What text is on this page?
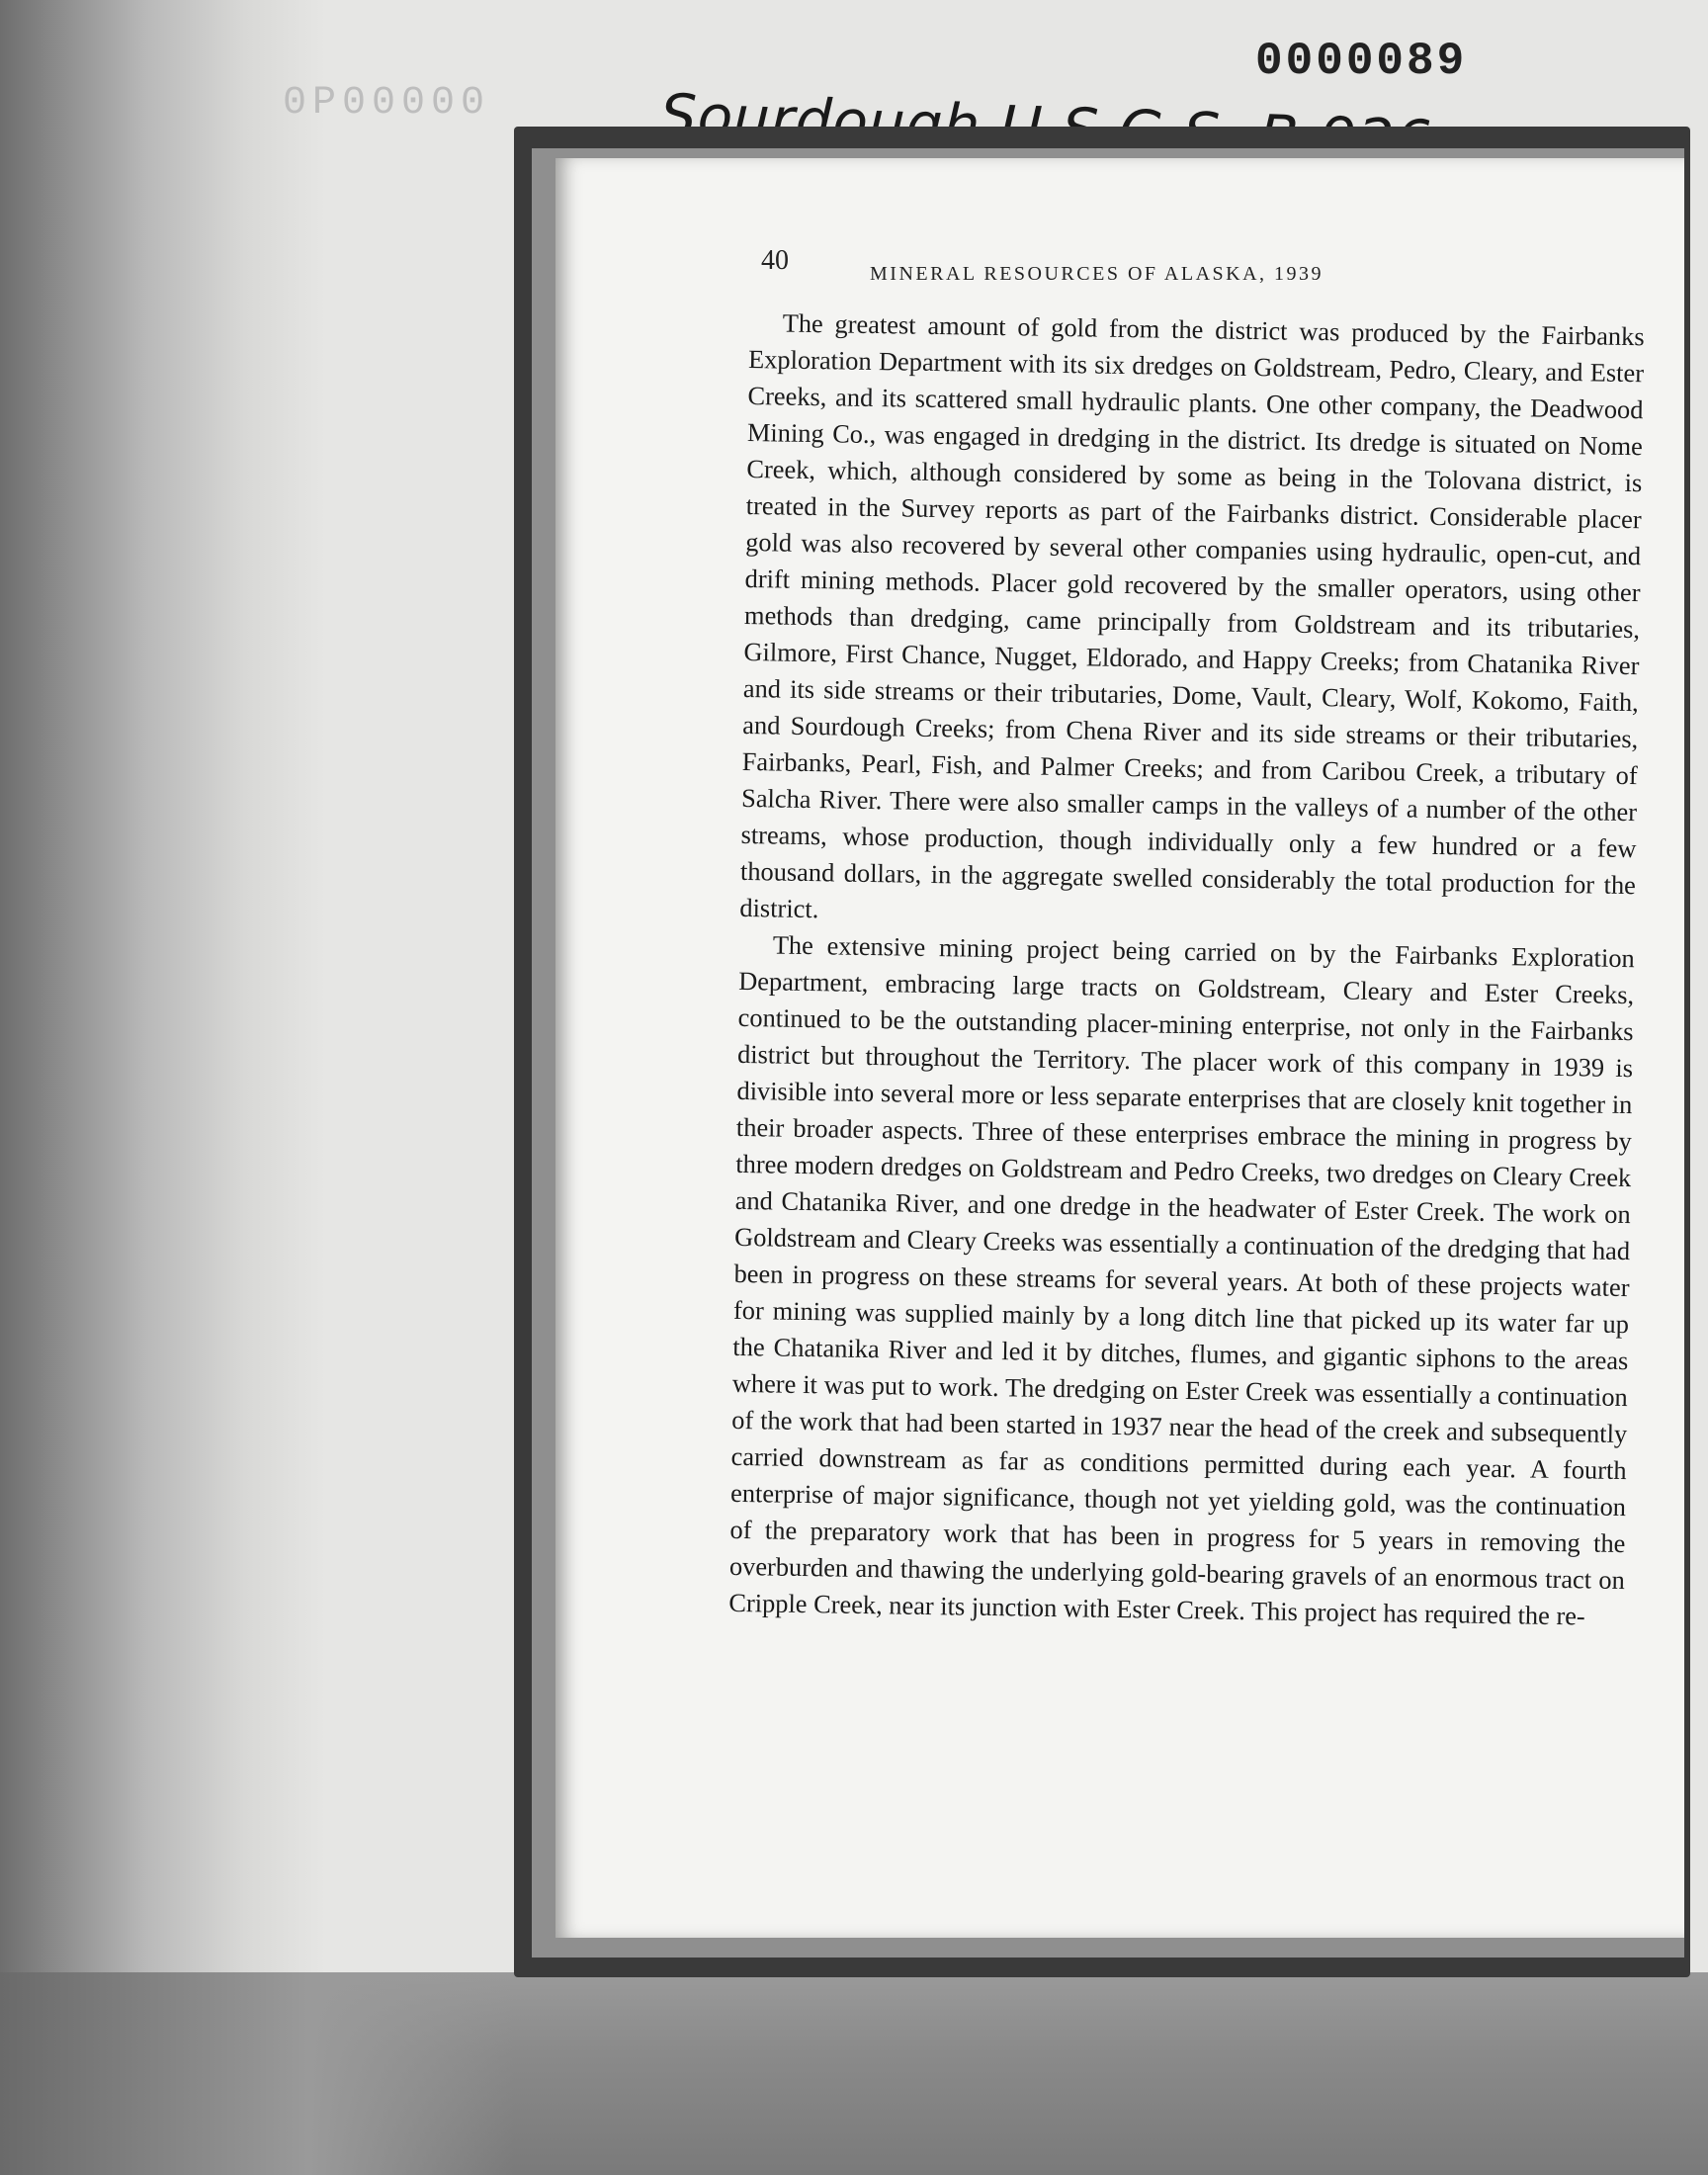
0P00000
0000089
40	MINERAL RESOURCES OF ALASKA, 1939

The greatest amount of gold from the district was produced by the Fairbanks Exploration Department with its six dredges on Goldstream, Pedro, Cleary, and Ester Creeks, and its scattered small hydraulic plants. One other company, the Deadwood Mining Co., was engaged in dredging in the district. Its dredge is situated on Nome Creek, which, although considered by some as being in the Tolovana district, is treated in the Survey reports as part of the Fairbanks district. Considerable placer gold was also recovered by several other companies using hydraulic, open-cut, and drift mining methods. Placer gold recovered by the smaller operators, using other methods than dredging, came principally from Goldstream and its tributaries, Gilmore, First Chance, Nugget, Eldorado, and Happy Creeks; from Chatanika River and its side streams or their tributaries, Dome, Vault, Cleary, Wolf, Kokomo, Faith, and Sourdough Creeks; from Chena River and its side streams or their tributaries, Fairbanks, Pearl, Fish, and Palmer Creeks; and from Caribou Creek, a tributary of Salcha River. There were also smaller camps in the valleys of a number of the other streams, whose production, though individually only a few hundred or a few thousand dollars, in the aggregate swelled considerably the total production for the district.

The extensive mining project being carried on by the Fairbanks Exploration Department, embracing large tracts on Goldstream, Cleary and Ester Creeks, continued to be the outstanding placer-mining enterprise, not only in the Fairbanks district but throughout the Territory. The placer work of this company in 1939 is divisible into several more or less separate enterprises that are closely knit together in their broader aspects. Three of these enterprises embrace the mining in progress by three modern dredges on Goldstream and Pedro Creeks, two dredges on Cleary Creek and Chatanika River, and one dredge in the headwater of Ester Creek. The work on Goldstream and Cleary Creeks was essentially a continuation of the dredging that had been in progress on these streams for several years. At both of these projects water for mining was supplied mainly by a long ditch line that picked up its water far up the Chatanika River and led it by ditches, flumes, and gigantic siphons to the areas where it was put to work. The dredging on Ester Creek was essentially a continuation of the work that had been started in 1937 near the head of the creek and subsequently carried downstream as far as conditions permitted during each year. A fourth enterprise of major significance, though not yet yielding gold, was the continuation of the preparatory work that has been in progress for 5 years in removing the overburden and thawing the underlying gold-bearing gravels of an enormous tract on Cripple Creek, near its junction with Ester Creek. This project has required the re-
